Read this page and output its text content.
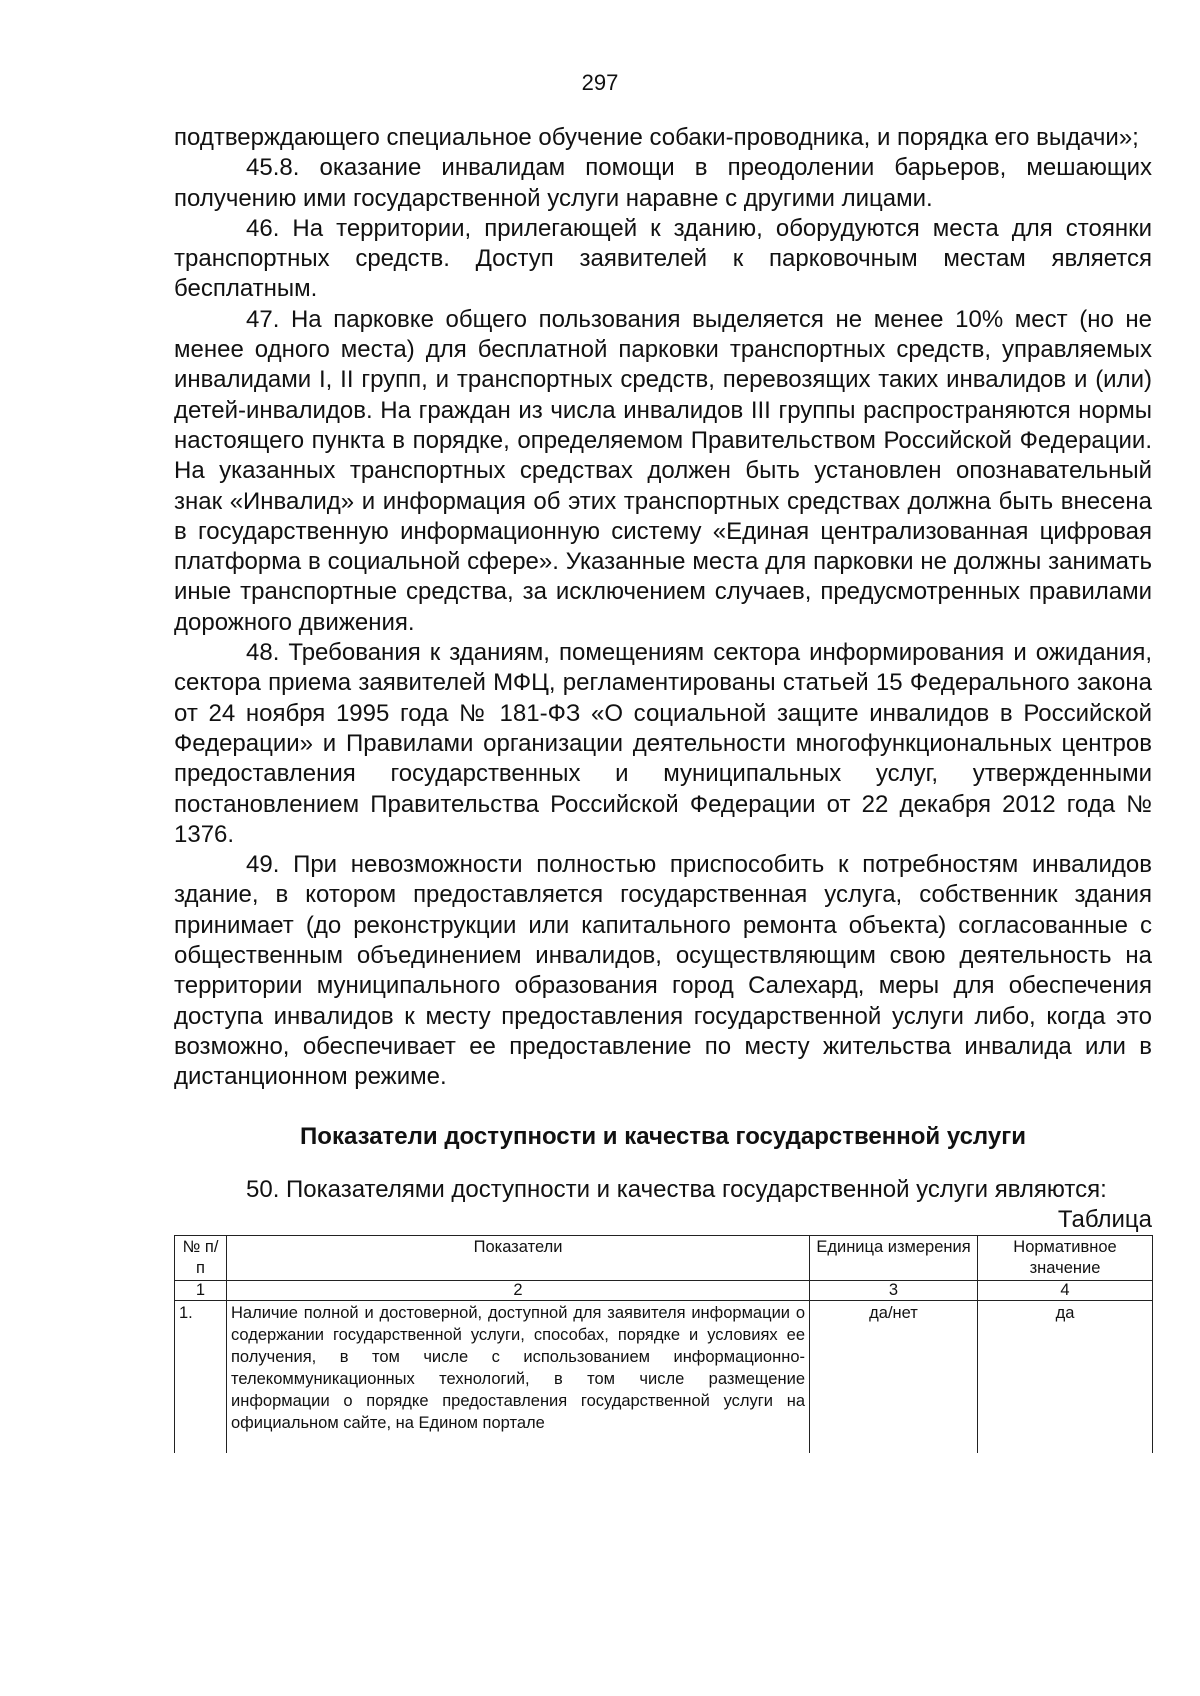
297

подтверждающего специальное обучение собаки-проводника, и порядка его выдачи»;

45.8. оказание инвалидам помощи в преодолении барьеров, мешающих получению ими государственной услуги наравне с другими лицами.

46. На территории, прилегающей к зданию, оборудуются места для стоянки транспортных средств. Доступ заявителей к парковочным местам является бесплатным.

47. На парковке общего пользования выделяется не менее 10% мест (но не менее одного места) для бесплатной парковки транспортных средств, управляемых инвалидами I, II групп, и транспортных средств, перевозящих таких инвалидов и (или) детей-инвалидов. На граждан из числа инвалидов III группы распространяются нормы настоящего пункта в порядке, определяемом Правительством Российской Федерации. На указанных транспортных средствах должен быть установлен опознавательный знак «Инвалид» и информация об этих транспортных средствах должна быть внесена в государственную информационную систему «Единая централизованная цифровая платформа в социальной сфере». Указанные места для парковки не должны занимать иные транспортные средства, за исключением случаев, предусмотренных правилами дорожного движения.

48. Требования к зданиям, помещениям сектора информирования и ожидания, сектора приема заявителей МФЦ, регламентированы статьей 15 Федерального закона от 24 ноября 1995 года № 181-ФЗ «О социальной защите инвалидов в Российской Федерации» и Правилами организации деятельности многофункциональных центров предоставления государственных и муниципальных услуг, утвержденными постановлением Правительства Российской Федерации от 22 декабря 2012 года № 1376.

49. При невозможности полностью приспособить к потребностям инвалидов здание, в котором предоставляется государственная услуга, собственник здания принимает (до реконструкции или капитального ремонта объекта) согласованные с общественным объединением инвалидов, осуществляющим свою деятельность на территории муниципального образования город Салехард, меры для обеспечения доступа инвалидов к месту предоставления государственной услуги либо, когда это возможно, обеспечивает ее предоставление по месту жительства инвалида или в дистанционном режиме.

Показатели доступности и качества государственной услуги

50. Показателями доступности и качества государственной услуги являются:

Таблица
№ п/п	Показатели	Единица измерения	Нормативное значение
1	2	3	4
1.	Наличие полной и достоверной, доступной для заявителя информации о содержании государственной услуги, способах, порядке и условиях ее получения, в том числе с использованием информационно-телекоммуникационных технологий, в том числе размещение информации о порядке предоставления государственной услуги на официальном сайте, на Едином портале	да/нет	да
